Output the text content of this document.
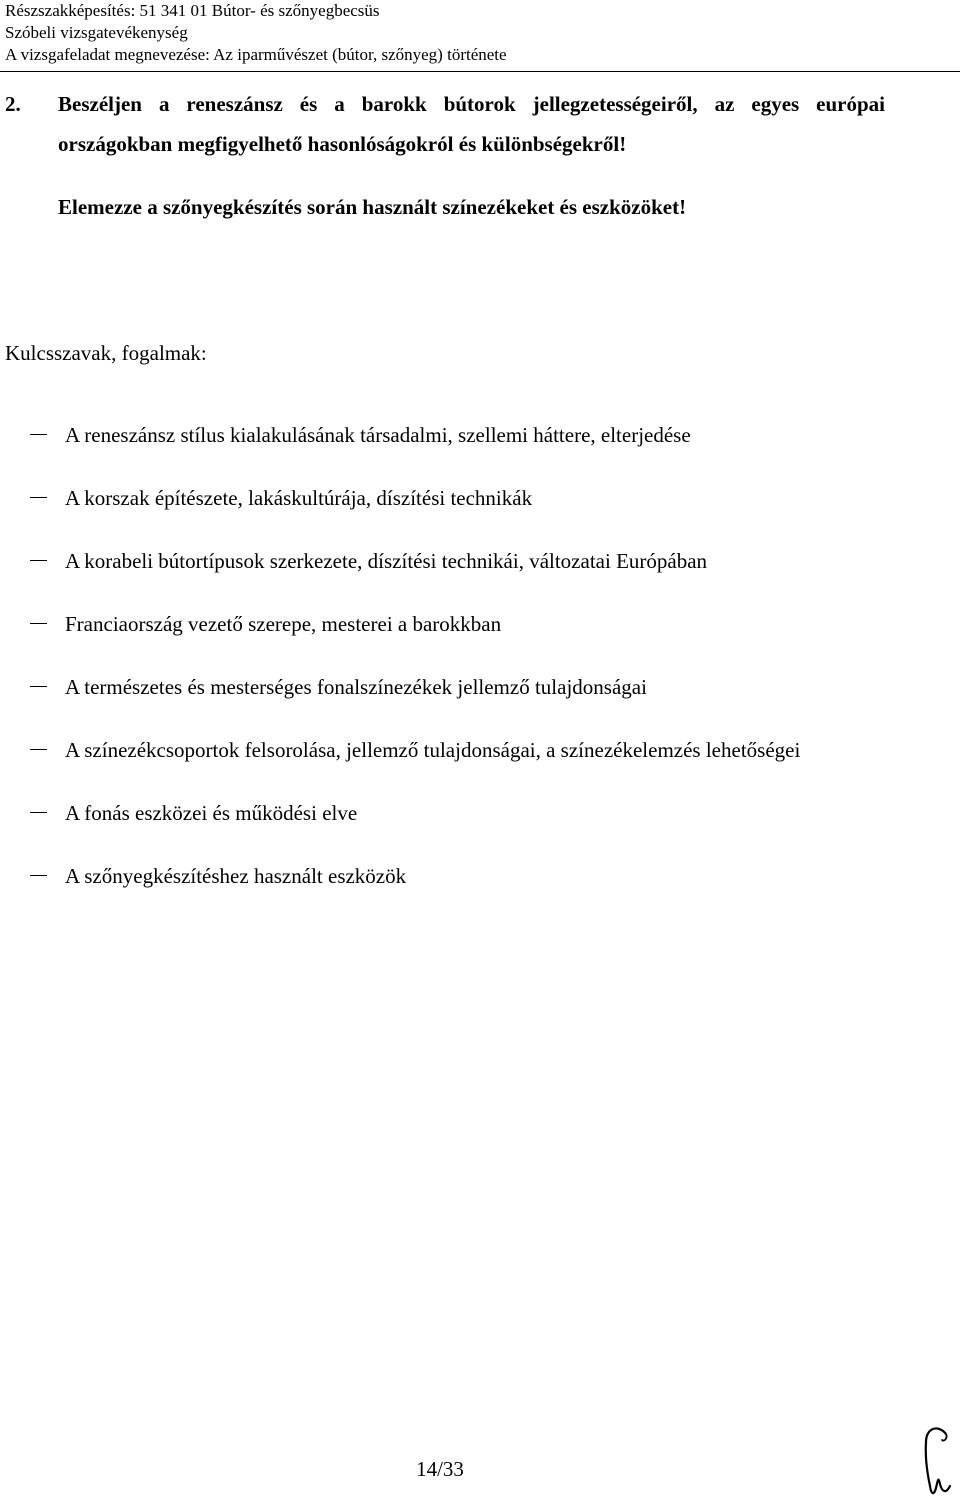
Részszakképesítés: 51 341 01 Bútor- és szőnyegbecsüs
Szóbeli vizsgatevékenység
A vizsgafeladat megnevezése: Az iparművészet (bútor, szőnyeg) története
2.	Beszéljen a reneszánsz és a barokk bútorok jellegzetességeiről, az egyes európai
országokban megfigyelhető hasonlóságokról és különbségekről!
Elemezze a szőnyegkészítés során használt színezékeket és eszközöket!
Kulcsszavak, fogalmak:
A reneszánsz stílus kialakulásának társadalmi, szellemi háttere, elterjedése
A korszak építészete, lakáskultúrája, díszítési technikák
A korabeli bútortípusok szerkezete, díszítési technikái, változatai Európában
Franciaország vezető szerepe, mesterei a barokkban
A természetes és mesterséges fonalszínezékek jellemző tulajdonságai
A színezékcsoportok felsorolása, jellemző tulajdonságai, a színezékelemzés lehetőségei
A fonás eszközei és működési elve
A szőnyegkészítéshez használt eszközök
14/33
